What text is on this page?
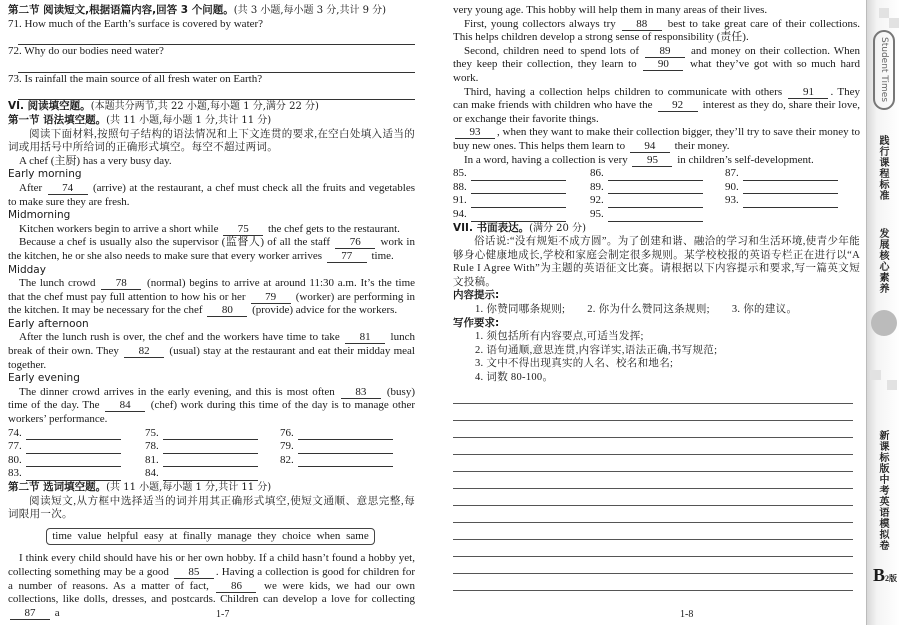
第二节 阅读短文,根据语篇内容,回答 3 个问题。(共 3 小题,每小题 3 分,共计 9 分)
71. How much of the Earth’s surface is covered by water?
72. Why do our bodies need water?
73. Is rainfall the main source of all fresh water on Earth?
VI. 阅读填空题。(本题共分两节,共 22 小题,每小题 1 分,满分 22 分)
第一节 语法填空题。(共 11 小题,每小题 1 分,共计 11 分)
阅读下面材料,按照句子结构的语法情况和上下文连贯的要求,在空白处填入适当的词或用括号中所给词的正确形式填空。每空不超过两词。
A chef (主厨) has a very busy day.
Early morning
After 74 (arrive) at the restaurant, a chef must check all the fruits and vegetables to make sure they are fresh.
Midmorning
Kitchen workers begin to arrive a short while 75 the chef gets to the restaurant.
Because a chef is usually also the supervisor (监督人) of all the staff 76 work in the kitchen, he or she also needs to make sure that every worker arrives 77 time.
Midday
The lunch crowd 78 (normal) begins to arrive at around 11:30 a.m. It’s the time that the chef must pay full attention to how his or her 79 (worker) are performing in the kitchen. It may be necessary for the chef 80 (provide) advice for the workers.
Early afternoon
After the lunch rush is over, the chef and the workers have time to take 81 lunch break of their own. They 82 (usual) stay at the restaurant and eat their midday meal together.
Early evening
The dinner crowd arrives in the early evening, and this is most often 83 (busy) time of the day. The 84 (chef) work during this time of the day is to manage other workers’ performance.
74.	75.	76.
77.	78.	79.
80.	81.	82.
83.	84.
第二节 选词填空题。(共 11 小题,每小题 1 分,共计 11 分)
阅读短文,从方框中选择适当的词并用其正确形式填空,使短文通顺、意思完整,每词限用一次。
time value helpful easy at finally manage they choice when same
I think every child should have his or her own hobby. If a child hasn’t found a hobby yet, collecting something may be a good 85 . Having a collection is good for children for a number of reasons. As a matter of fact, 86 we were kids, we had our own collections, like dolls, dresses, and postcards. Children can develop a love for collecting 87 a	1-7
very young age. This hobby will help them in many areas of their lives.
First, young collectors always try 88 best to take great care of their collections. This helps children develop a strong sense of responsibility (责任).
Second, children need to spend lots of 89 and money on their collection. When they keep their collection, they learn to 90 what they’ve got with so much hard work.
Third, having a collection helps children to communicate with others 91 . They can make friends with children who have the 92 interest as they do, share their love, or exchange their favorite things.
93 , when they want to make their collection bigger, they’ll try to save their money to buy new ones. This helps them learn to 94 their money.
In a word, having a collection is very 95 in children’s self-development.
85.	86.	87.
88.	89.	90.
91.	92.	93.
94.	95.
VII. 书面表达。(满分 20 分)
俗话说:“没有规矩不成方圆”。为了创建和谐、融洽的学习和生活环境,使青少年能够身心健康地成长,学校和家庭会制定很多规则。某学校校报的英语专栏正在进行以“A Rule I Agree With”为主题的英语征文比赛。请根据以下内容提示和要求,写一篇英文短文投稿。
内容提示:
1. 你赞同哪条规则; 2. 你为什么赞同这条规则; 3. 你的建议。
写作要求:
1. 须包括所有内容要点,可适当发挥;
2. 语句通顺,意思连贯,内容详实,语法正确,书写规范;
3. 文中不得出现真实的人名、校名和地名;
4. 词数 80-100。
1-8
Student Times
践行课程标准
发展核心素养
新课标版中考英语模拟卷
B2版
